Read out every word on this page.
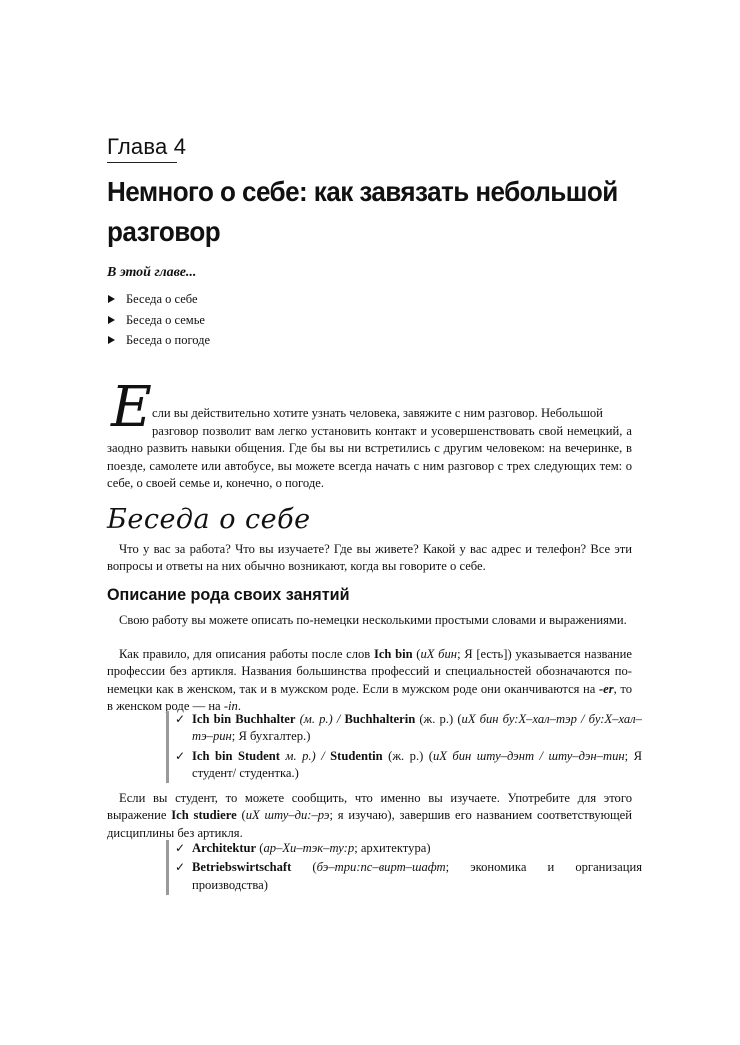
Глава 4
Немного о себе: как завязать небольшой разговор
В этой главе...
Беседа о себе
Беседа о семье
Беседа о погоде
Е сли вы действительно хотите узнать человека, завяжите с ним разговор. Небольшой

разговор позволит вам легко установить контакт и усовершенствовать свой немецкий, а заодно развить навыки общения. Где бы вы ни встретились с другим человеком: на вечеринке, в поезде, самолете или автобусе, вы можете всегда начать с ним разговор с трех следующих тем: о себе, о своей семье и, конечно, о погоде.

Беседа о себе

Что у вас за работа? Что вы изучаете? Где вы живете? Какой у вас адрес и телефон? Все эти вопросы и ответы на них обычно возникают, когда вы говорите о себе.

Описание рода своих занятий

Свою работу вы можете описать по-немецки несколькими простыми словами и выражениями.

Как правило, для описания работы после слов Ich bin (иХ бин; Я [есть]) указывается название профессии без артикля. Названия большинства профессий и специальностей обозначаются по-немецки как в женском, так и в мужском роде. Если в мужском роде они оканчиваются на -er, то в женском роде — на -in.

✓ Ich bin Buchhalter (м. р.) / Buchhalterin (ж. р.) (иХ бин бу:Х–хал–тэр / бу:Х–хал–тэ–рин; Я бухгалтер.)
✓ Ich bin Student м. р.) / Studentin (ж. р.) (иХ бин шту–дэнт / шту–дэн–тин; Я студент/ студентка.)

Если вы студент, то можете сообщить, что именно вы изучаете. Употребите для этого выражение Ich studiere (иХ шту–ди:–рэ; я изучаю), завершив его названием соответствующей дисциплины без артикля.

✓ Architektur (ар–Хи–тэк–ту:р; архитектура)
✓ Betriebswirtschaft (бэ–три:пс–вирт–шафт; экономика и организация производства)
